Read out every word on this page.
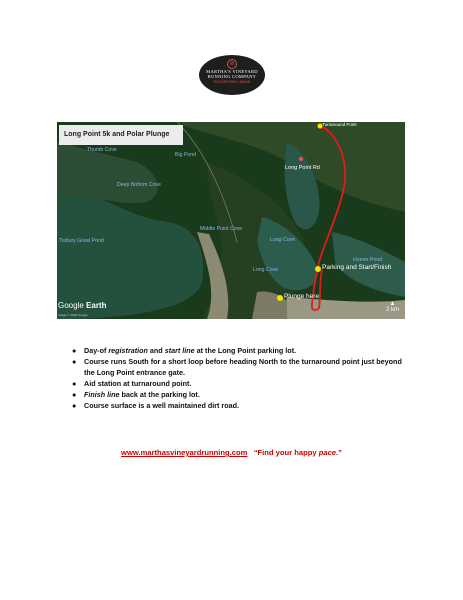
⊘
MARTHA'S VINEYARD
RUNNING COMPANY
EDGARTOWN • MASS
Long Point 5k and Polar Plunge
Turnaround Point
Long Point Rd
Parking and Start/Finish
Plunge here
Long Cove
Long Cove
Middle Point Cove
Homer Pond
Big Pond
Tisbury Great Pond
Deep Bottom Cove
Thumb Cove
Google Earth
Image © 2018 Google
▲
2 km
● Day-of registration and start line at the Long Point parking lot.
● Course runs South for a short loop before heading North to the turnaround point just beyond the Long Point entrance gate.
● Aid station at turnaround point.
● Finish line back at the parking lot.
● Course surface is a well maintained dirt road.
www.marthasvineyardrunning.com “Find your happy pace.”
